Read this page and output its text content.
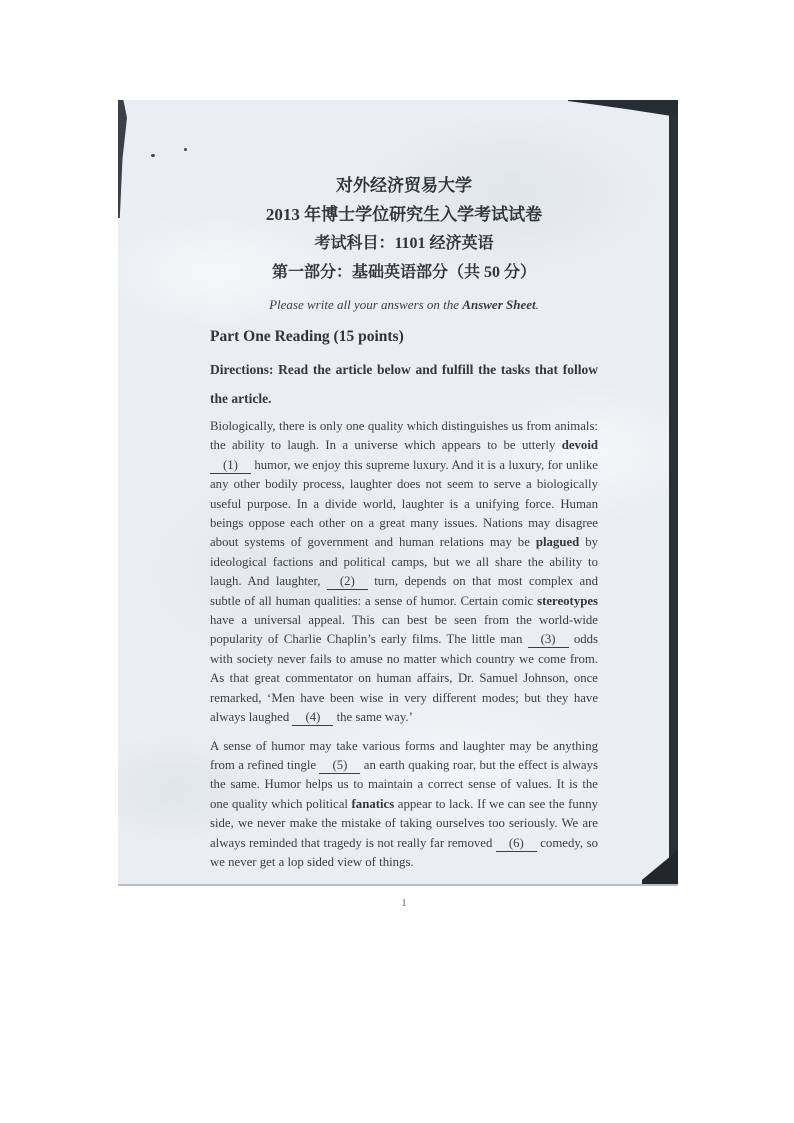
对外经济贸易大学
2013 年博士学位研究生入学考试试卷
考试科目：1101 经济英语
第一部分：基础英语部分（共 50 分）
Please write all your answers on the Answer Sheet.
Part One Reading (15 points)
Directions: Read the article below and fulfill the tasks that follow the article.

Biologically, there is only one quality which distinguishes us from animals: the ability to laugh. In a universe which appears to be utterly devoid (1) humor, we enjoy this supreme luxury. And it is a luxury, for unlike any other bodily process, laughter does not seem to serve a biologically useful purpose. In a divide world, laughter is a unifying force. Human beings oppose each other on a great many issues. Nations may disagree about systems of government and human relations may be plagued by ideological factions and political camps, but we all share the ability to laugh. And laughter, (2) turn, depends on that most complex and subtle of all human qualities: a sense of humor. Certain comic stereotypes have a universal appeal. This can best be seen from the world-wide popularity of Charlie Chaplin’s early films. The little man (3) odds with society never fails to amuse no matter which country we come from. As that great commentator on human affairs, Dr. Samuel Johnson, once remarked, ‘Men have been wise in very different modes; but they have always laughed (4) the same way.’

A sense of humor may take various forms and laughter may be anything from a refined tingle (5) an earth quaking roar, but the effect is always the same. Humor helps us to maintain a correct sense of values. It is the one quality which political fanatics appear to lack. If we can see the funny side, we never make the mistake of taking ourselves too seriously. We are always reminded that tragedy is not really far removed (6) comedy, so we never get a lop sided view of things.

1
